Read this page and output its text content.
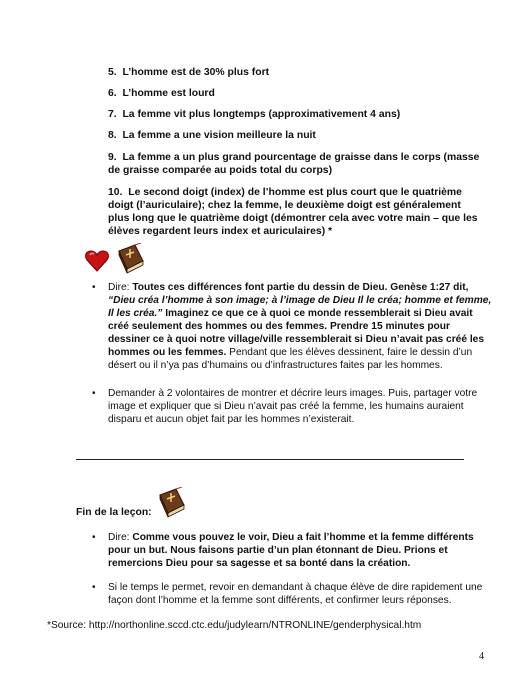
5. L’homme est de 30% plus fort
6. L’homme est lourd
7. La femme vit plus longtemps (approximativement 4 ans)
8. La femme a une vision meilleure la nuit
9. La femme a un plus grand pourcentage de graisse dans le corps (masse de graisse comparée au poids total du corps)
10. Le second doigt (index) de l’homme est plus court que le quatrième doigt (l’auriculaire); chez la femme, le deuxième doigt est généralement plus long que le quatrième doigt (démontrer cela avec votre main – que les élèves regardent leurs index et auriculaires) *
•	Dire: Toutes ces différences font partie du dessin de Dieu. Genèse 1:27 dit, “Dieu créa l’homme à son image; à l’image de Dieu Il le créa; homme et femme, Il les créa.” Imaginez ce que ce à quoi ce monde ressemblerait si Dieu avait créé seulement des hommes ou des femmes. Prendre 15 minutes pour dessiner ce à quoi notre village/ville ressemblerait si Dieu n’avait pas créé les hommes ou les femmes. Pendant que les élèves dessinent, faire le dessin d’un désert ou il n’ya pas d’humains ou d’infrastructures faites par les hommes.
•	Demander à 2 volontaires de montrer et décrire leurs images. Puis, partager votre image et expliquer que si Dieu n’avait pas créé la femme, les humains auraient disparu et aucun objet fait par les hommes n’existerait.
Fin de la leçon:
•	Dire: Comme vous pouvez le voir, Dieu a fait l’homme et la femme différents pour un but. Nous faisons partie d’un plan étonnant de Dieu. Prions et remercions Dieu pour sa sagesse et sa bonté dans la création.
•	Si le temps le permet, revoir en demandant à chaque élève de dire rapidement une façon dont l’homme et la femme sont différents, et confirmer leurs réponses.
*Source: http://northonline.sccd.ctc.edu/judylearn/NTRONLINE/genderphysical.htm
4
